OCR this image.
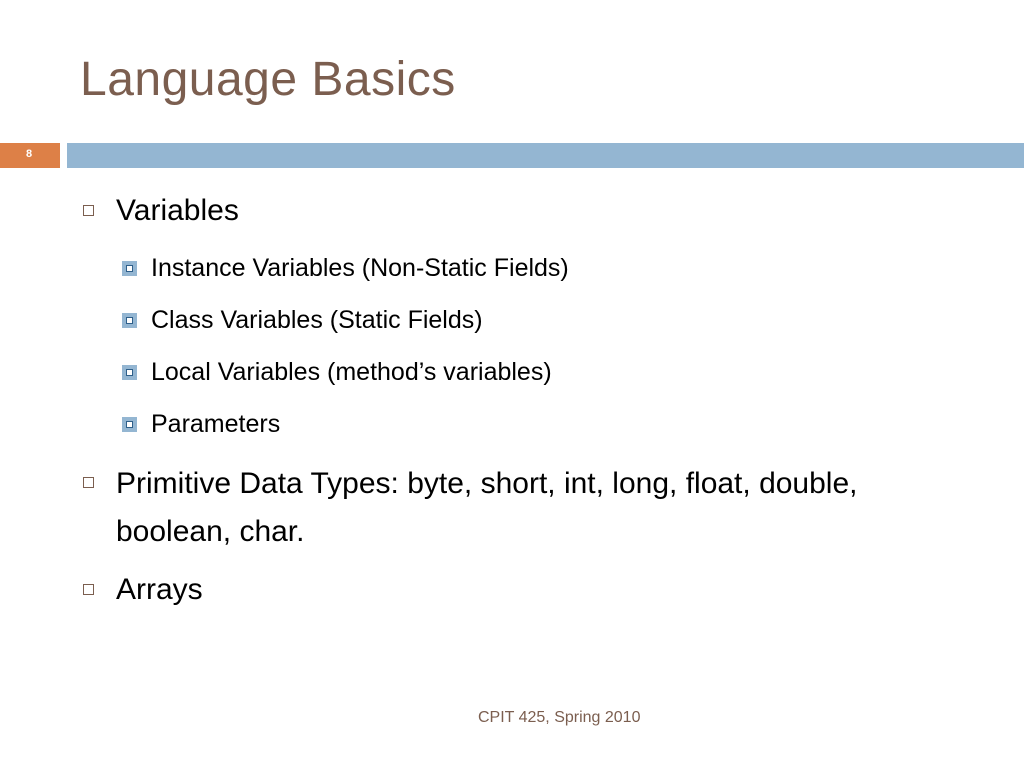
Language Basics
8
Variables
Instance Variables (Non-Static Fields)
Class Variables (Static Fields)
Local Variables (method’s variables)
Parameters
Primitive Data Types: byte, short, int, long, float, double, boolean, char.
Arrays
CPIT 425, Spring 2010
